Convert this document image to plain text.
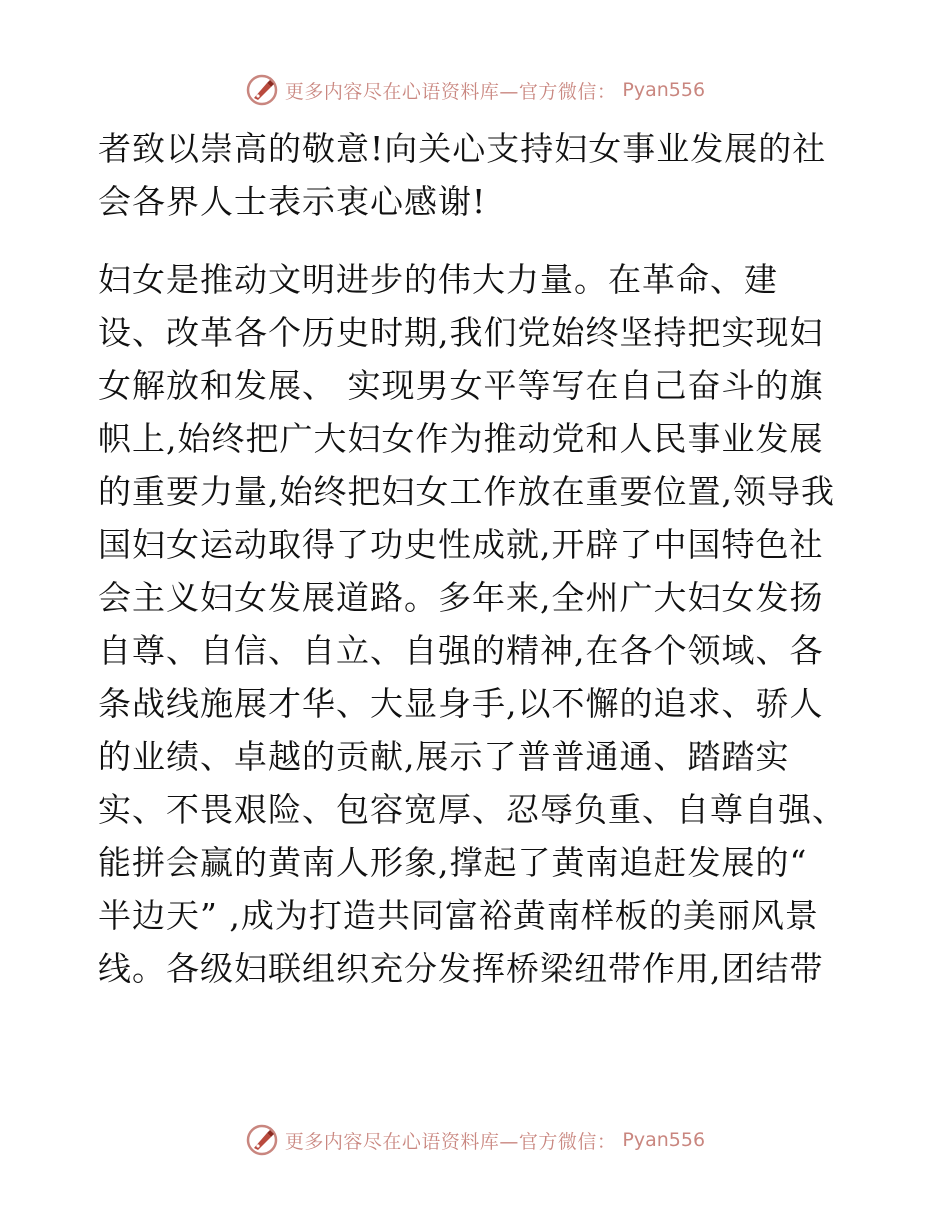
更多内容尽在心语资料库—官方微信： Pyan556
者致以崇高的敬意!向关心支持妇女事业发展的社
会各界人士表示衷心感谢!
妇女是推动文明进步的伟大力量。在革命、建
设、改革各个历史时期,我们党始终坚持把实现妇
女解放和发展、 实现男女平等写在自己奋斗的旗
帜上,始终把广大妇女作为推动党和人民事业发展
的重要力量,始终把妇女工作放在重要位置,领导我
国妇女运动取得了功史性成就,开辟了中国特色社
会主义妇女发展道路。多年来,全州广大妇女发扬
自尊、自信、自立、自强的精神,在各个领域、各
条战线施展才华、大显身手,以不懈的追求、骄人
的业绩、卓越的贡献,展示了普普通通、踏踏实
实、不畏艰险、包容宽厚、忍辱负重、自尊自强、
能拼会赢的黄南人形象,撑起了黄南追赶发展的“
半边天” ,成为打造共同富裕黄南样板的美丽风景
线。各级妇联组织充分发挥桥梁纽带作用,团结带
更多内容尽在心语资料库—官方微信： Pyan556
